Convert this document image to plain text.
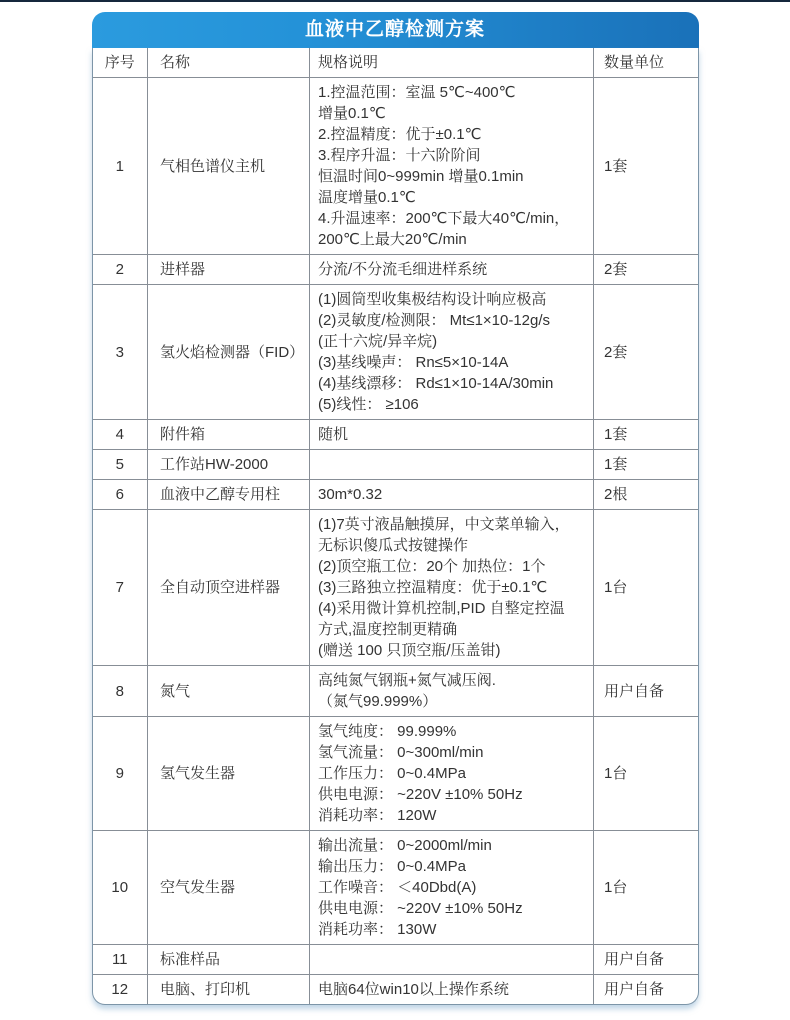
血液中乙醇检测方案
序号	名称	规格说明	数量单位
1	气相色谱仪主机	
1.控温范围：室温 5℃~400℃
增量0.1℃
2.控温精度：优于±0.1℃
3.程序升温：十六阶阶间
恒温时间0~999min 增量0.1min
温度增量0.1℃
4.升温速率：200℃下最大40℃/min，
200℃上最大20℃/min
	1套
2	进样器	分流/不分流毛细进样系统	2套
3	氢火焰检测器（FID）	
(1)圆筒型收集极结构设计响应极高
(2)灵敏度/检测限： Mt≤1×10-12g/s
(正十六烷/异辛烷)
(3)基线噪声： Rn≤5×10-14A
(4)基线漂移： Rd≤1×10-14A/30min
(5)线性： ≥106
	2套
4	附件箱	随机	1套
5	工作站HW-2000		1套
6	血液中乙醇专用柱	30m*0.32	2根
7	全自动顶空进样器	
(1)7英寸液晶触摸屏，中文菜单输入，
无标识傻瓜式按键操作
(2)顶空瓶工位：20个 加热位：1个
(3)三路独立控温精度：优于±0.1℃
(4)采用微计算机控制,PID 自整定控温
方式,温度控制更精确
(赠送 100 只顶空瓶/压盖钳)
	1台
8	氮气	高纯氮气钢瓶+氮气减压阀.
（氮气99.999%）	用户自备
9	氢气发生器	氢气纯度： 99.999%
氢气流量： 0~300ml/min
工作压力： 0~0.4MPa
供电电源： ~220V ±10% 50Hz
消耗功率： 120W	1台
10	空气发生器	输出流量： 0~2000ml/min
输出压力： 0~0.4MPa
工作噪音： ＜40Dbd(A)
供电电源： ~220V ±10% 50Hz
消耗功率： 130W	1台
11	标准样品		用户自备
12	电脑、打印机	电脑64位win10以上操作系统	用户自备
